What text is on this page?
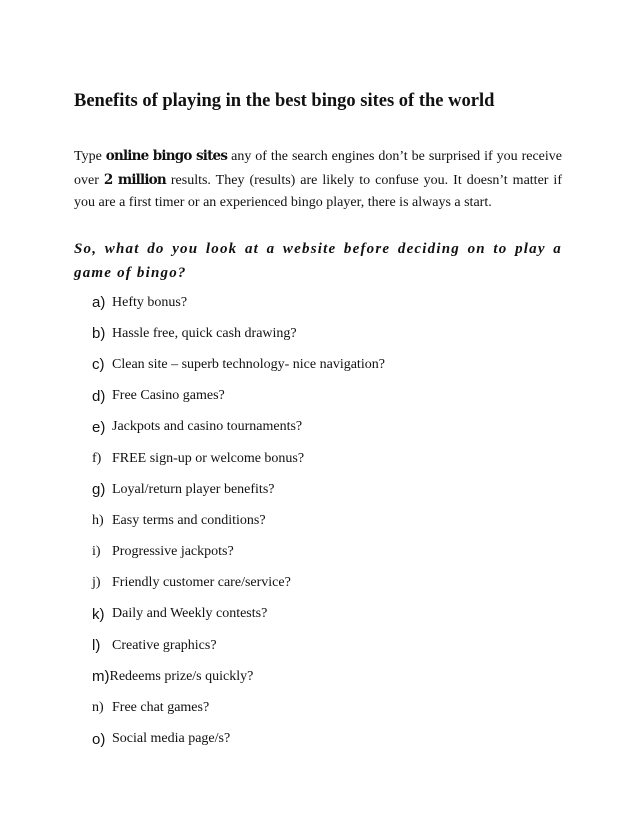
Benefits of playing in the best bingo sites of the world

Type online bingo sites any of the search engines don’t be surprised if you receive over 2 million results. They (results) are likely to confuse you. It doesn’t matter if you are a first timer or an experienced bingo player, there is always a start.

So, what do you look at a website before deciding on to play a game of bingo?

a) Hefty bonus?
b) Hassle free, quick cash drawing?
c) Clean site – superb technology- nice navigation?
d) Free Casino games?
e) Jackpots and casino tournaments?
f) FREE sign-up or welcome bonus?
g) Loyal/return player benefits?
h) Easy terms and conditions?
i) Progressive jackpots?
j) Friendly customer care/service?
k) Daily and Weekly contests?
l) Creative graphics?
m) Redeems prize/s quickly?
n) Free chat games?
o) Social media page/s?
